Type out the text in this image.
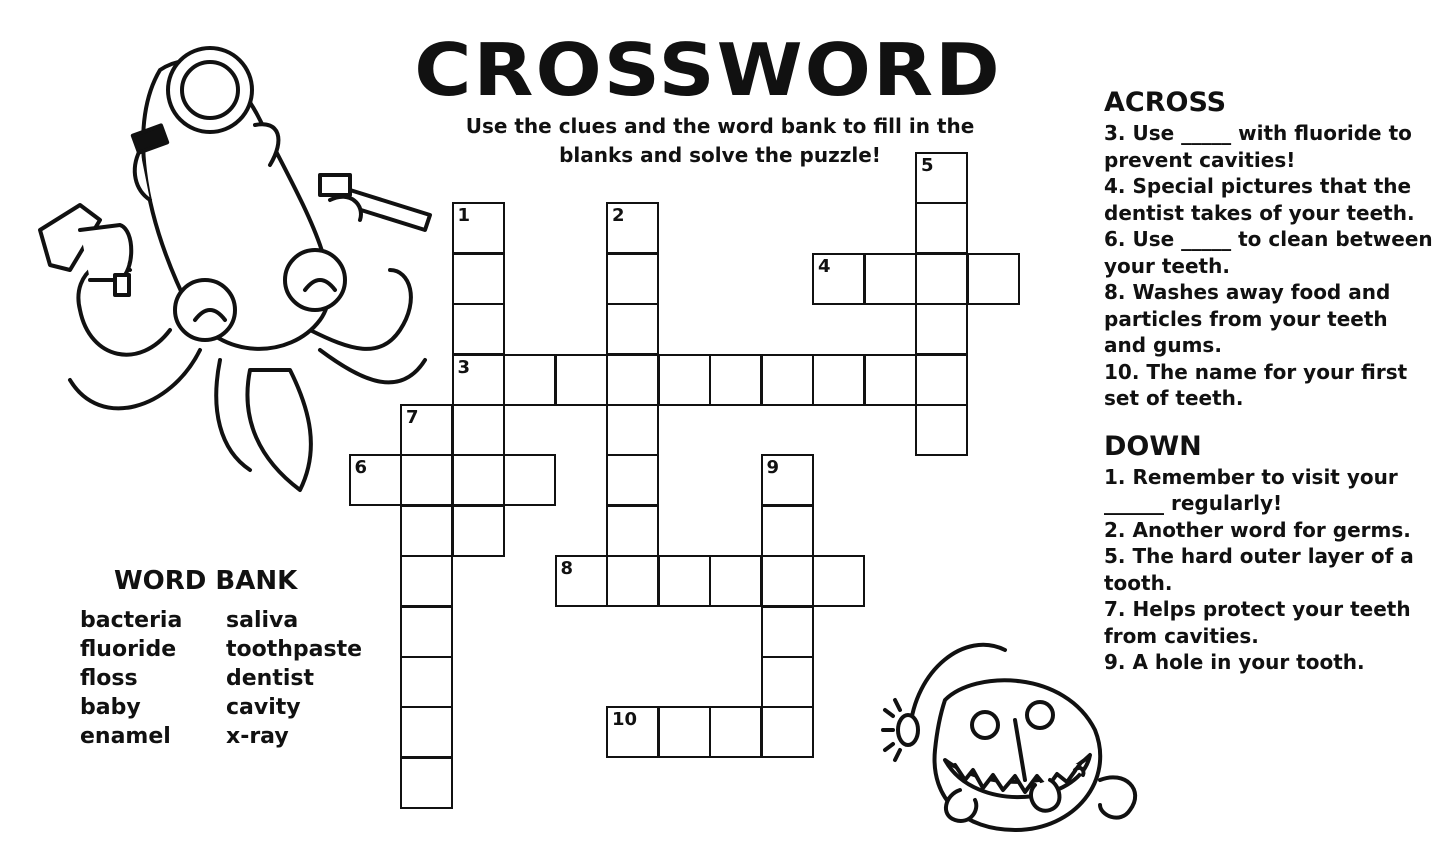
CROSSWORD
Use the clues and the word bank to fill in the
blanks and solve the puzzle!
1
3
2
5
4
7
6	9
8
10
WORD BANK
bacteria
fluoride
floss
baby
enamel
saliva
toothpaste
dentist
cavity
x-ray
ACROSS
3. Use _____ with fluoride to prevent cavities!
4. Special pictures that the dentist takes of your teeth.
6. Use _____ to clean between your teeth.
8. Washes away food and particles from your teeth and gums.
10. The name for your first set of teeth.
DOWN
1. Remember to visit your ______ regularly!
2. Another word for germs.
5. The hard outer layer of a tooth.
7. Helps protect your teeth from cavities.
9. A hole in your tooth.
